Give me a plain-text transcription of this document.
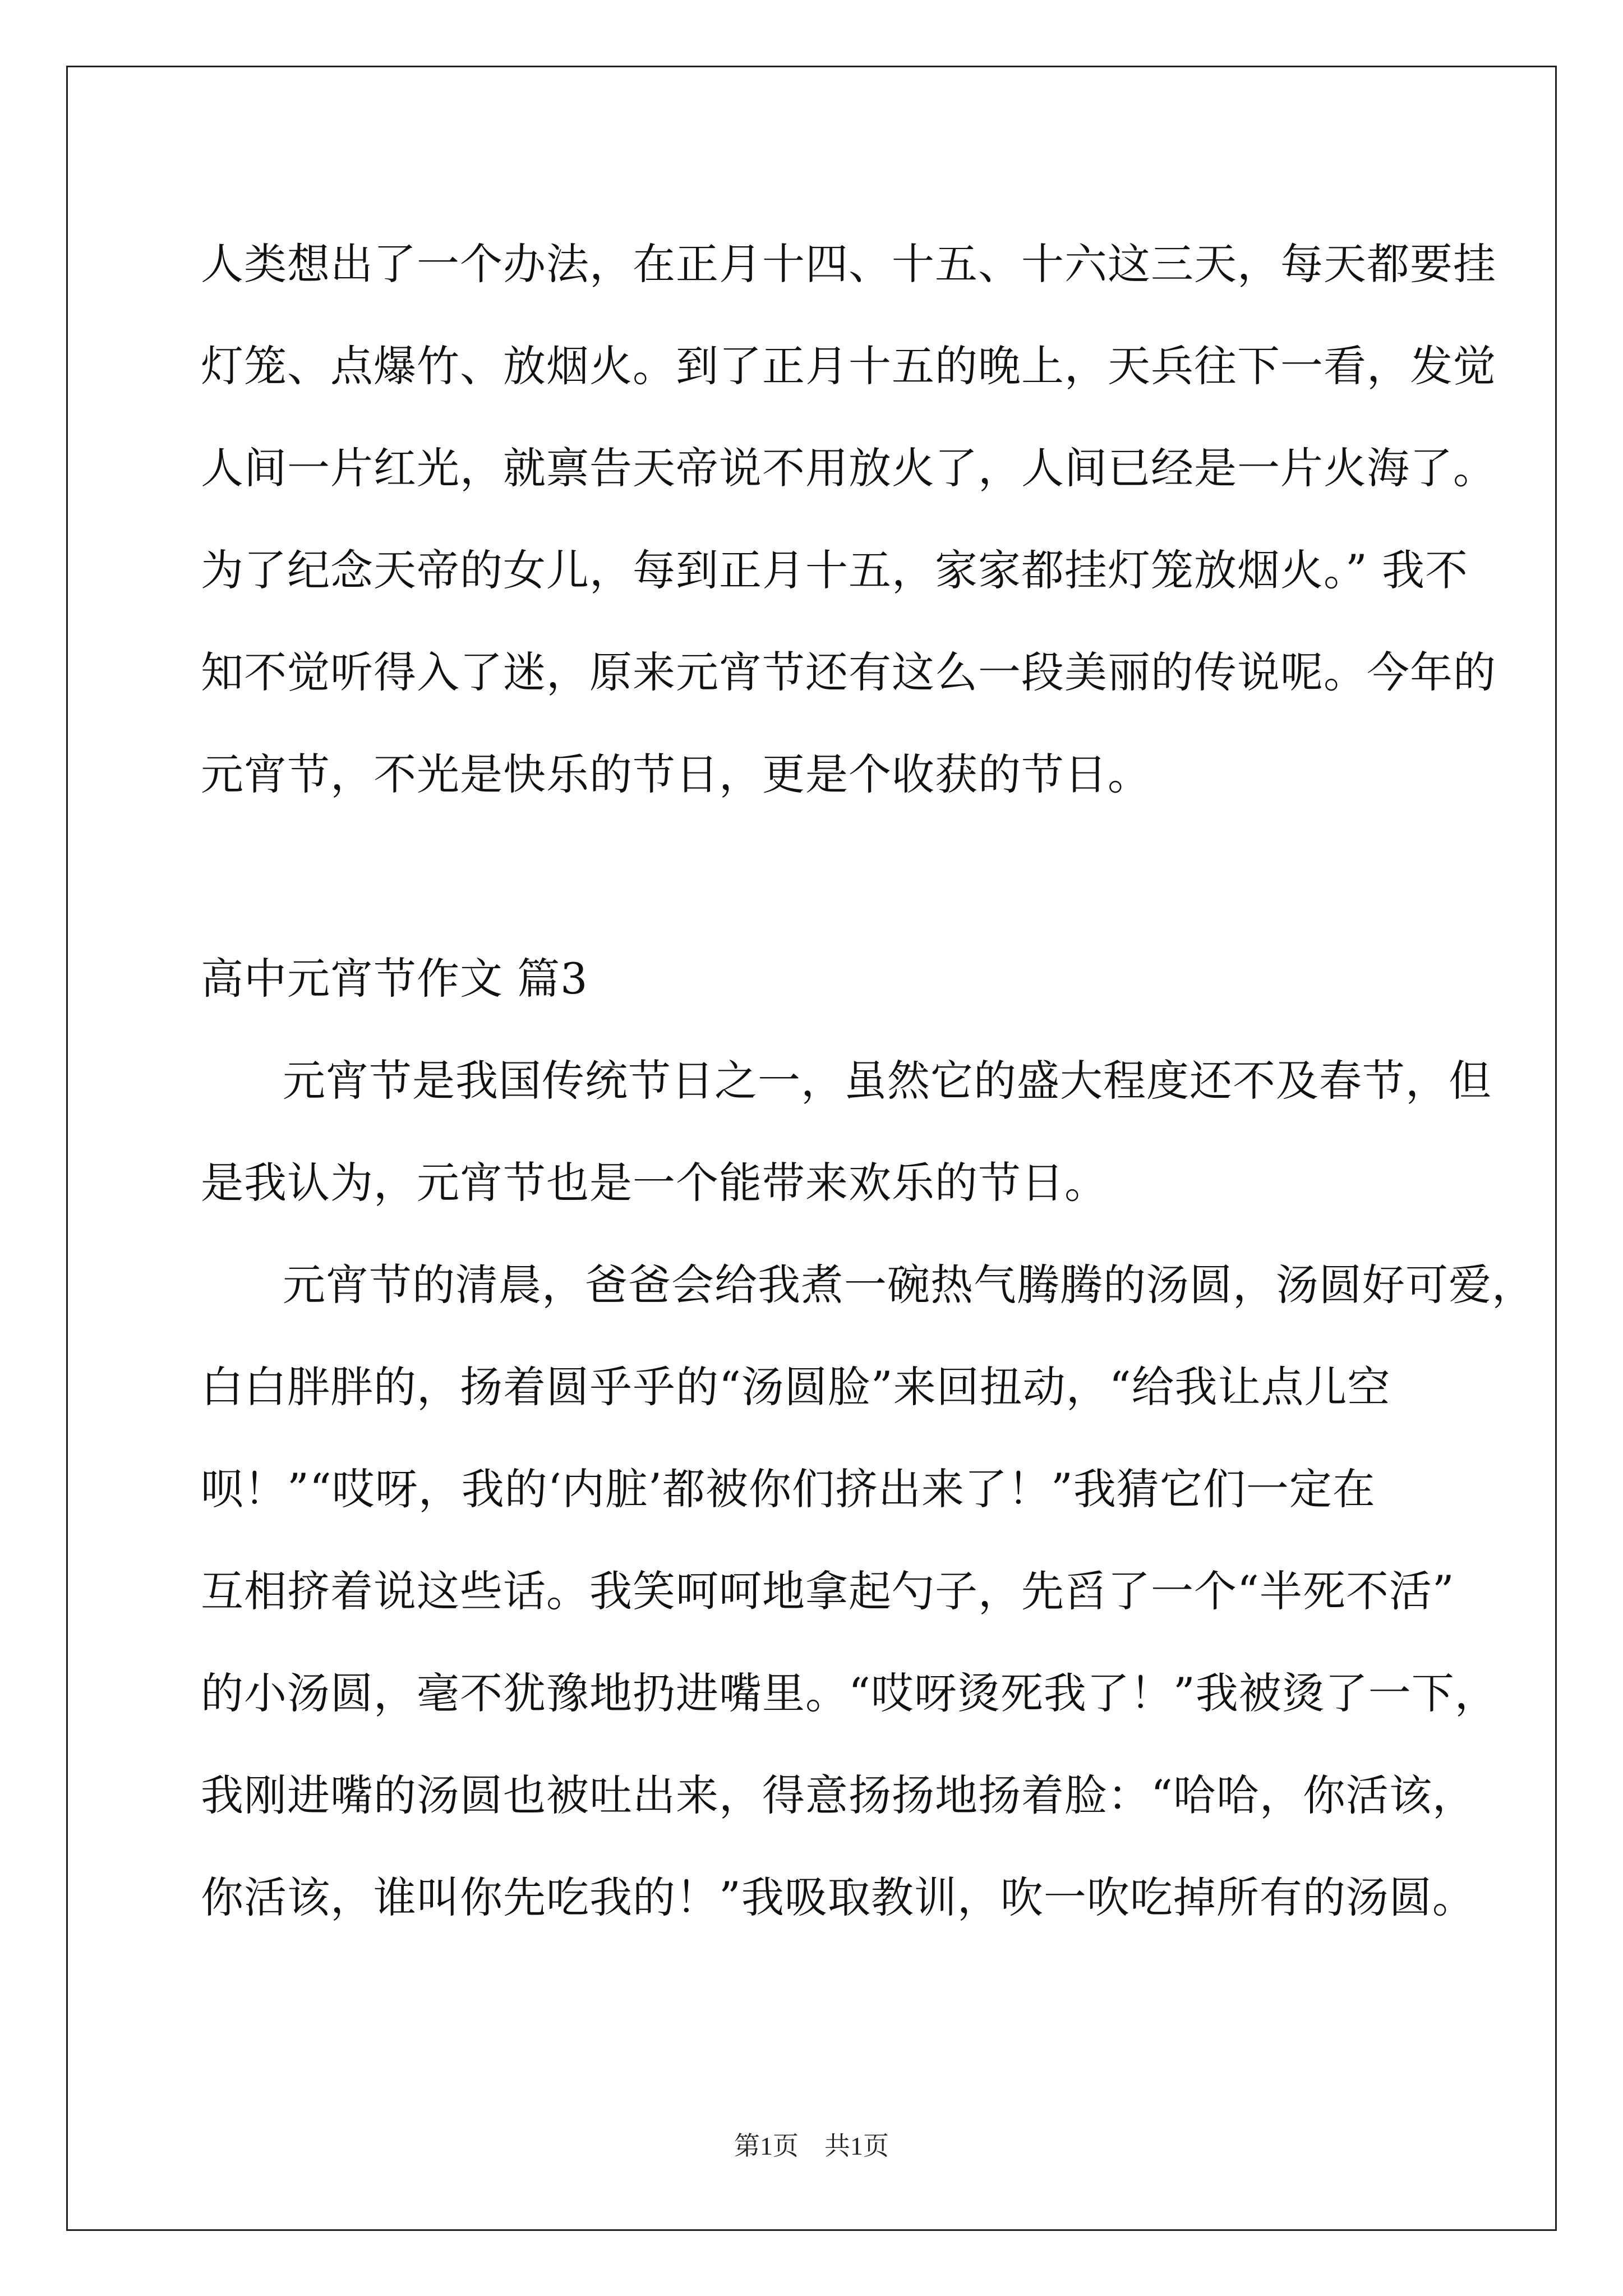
人类想出了一个办法，在正月十四、十五、十六这三天，每天都要挂
灯笼、点爆竹、放烟火。到了正月十五的晚上，天兵往下一看，发觉
人间一片红光，就禀告天帝说不用放火了，人间已经是一片火海了。
为了纪念天帝的女儿，每到正月十五，家家都挂灯笼放烟火。” 我不
知不觉听得入了迷，原来元宵节还有这么一段美丽的传说呢。今年的
元宵节，不光是快乐的节日，更是个收获的节日。
高中元宵节作文 篇3
元宵节是我国传统节日之一，虽然它的盛大程度还不及春节，但
是我认为，元宵节也是一个能带来欢乐的节日。
元宵节的清晨，爸爸会给我煮一碗热气腾腾的汤圆，汤圆好可爱，
白白胖胖的，扬着圆乎乎的“汤圆脸”来回扭动，“给我让点儿空
呗！”“哎呀，我的‘内脏’都被你们挤出来了！”我猜它们一定在
互相挤着说这些话。我笑呵呵地拿起勺子，先舀了一个“半死不活”
的小汤圆，毫不犹豫地扔进嘴里。“哎呀烫死我了！”我被烫了一下，
我刚进嘴的汤圆也被吐出来，得意扬扬地扬着脸：“哈哈，你活该，
你活该，谁叫你先吃我的！”我吸取教训，吹一吹吃掉所有的汤圆。
第1页　共1页
